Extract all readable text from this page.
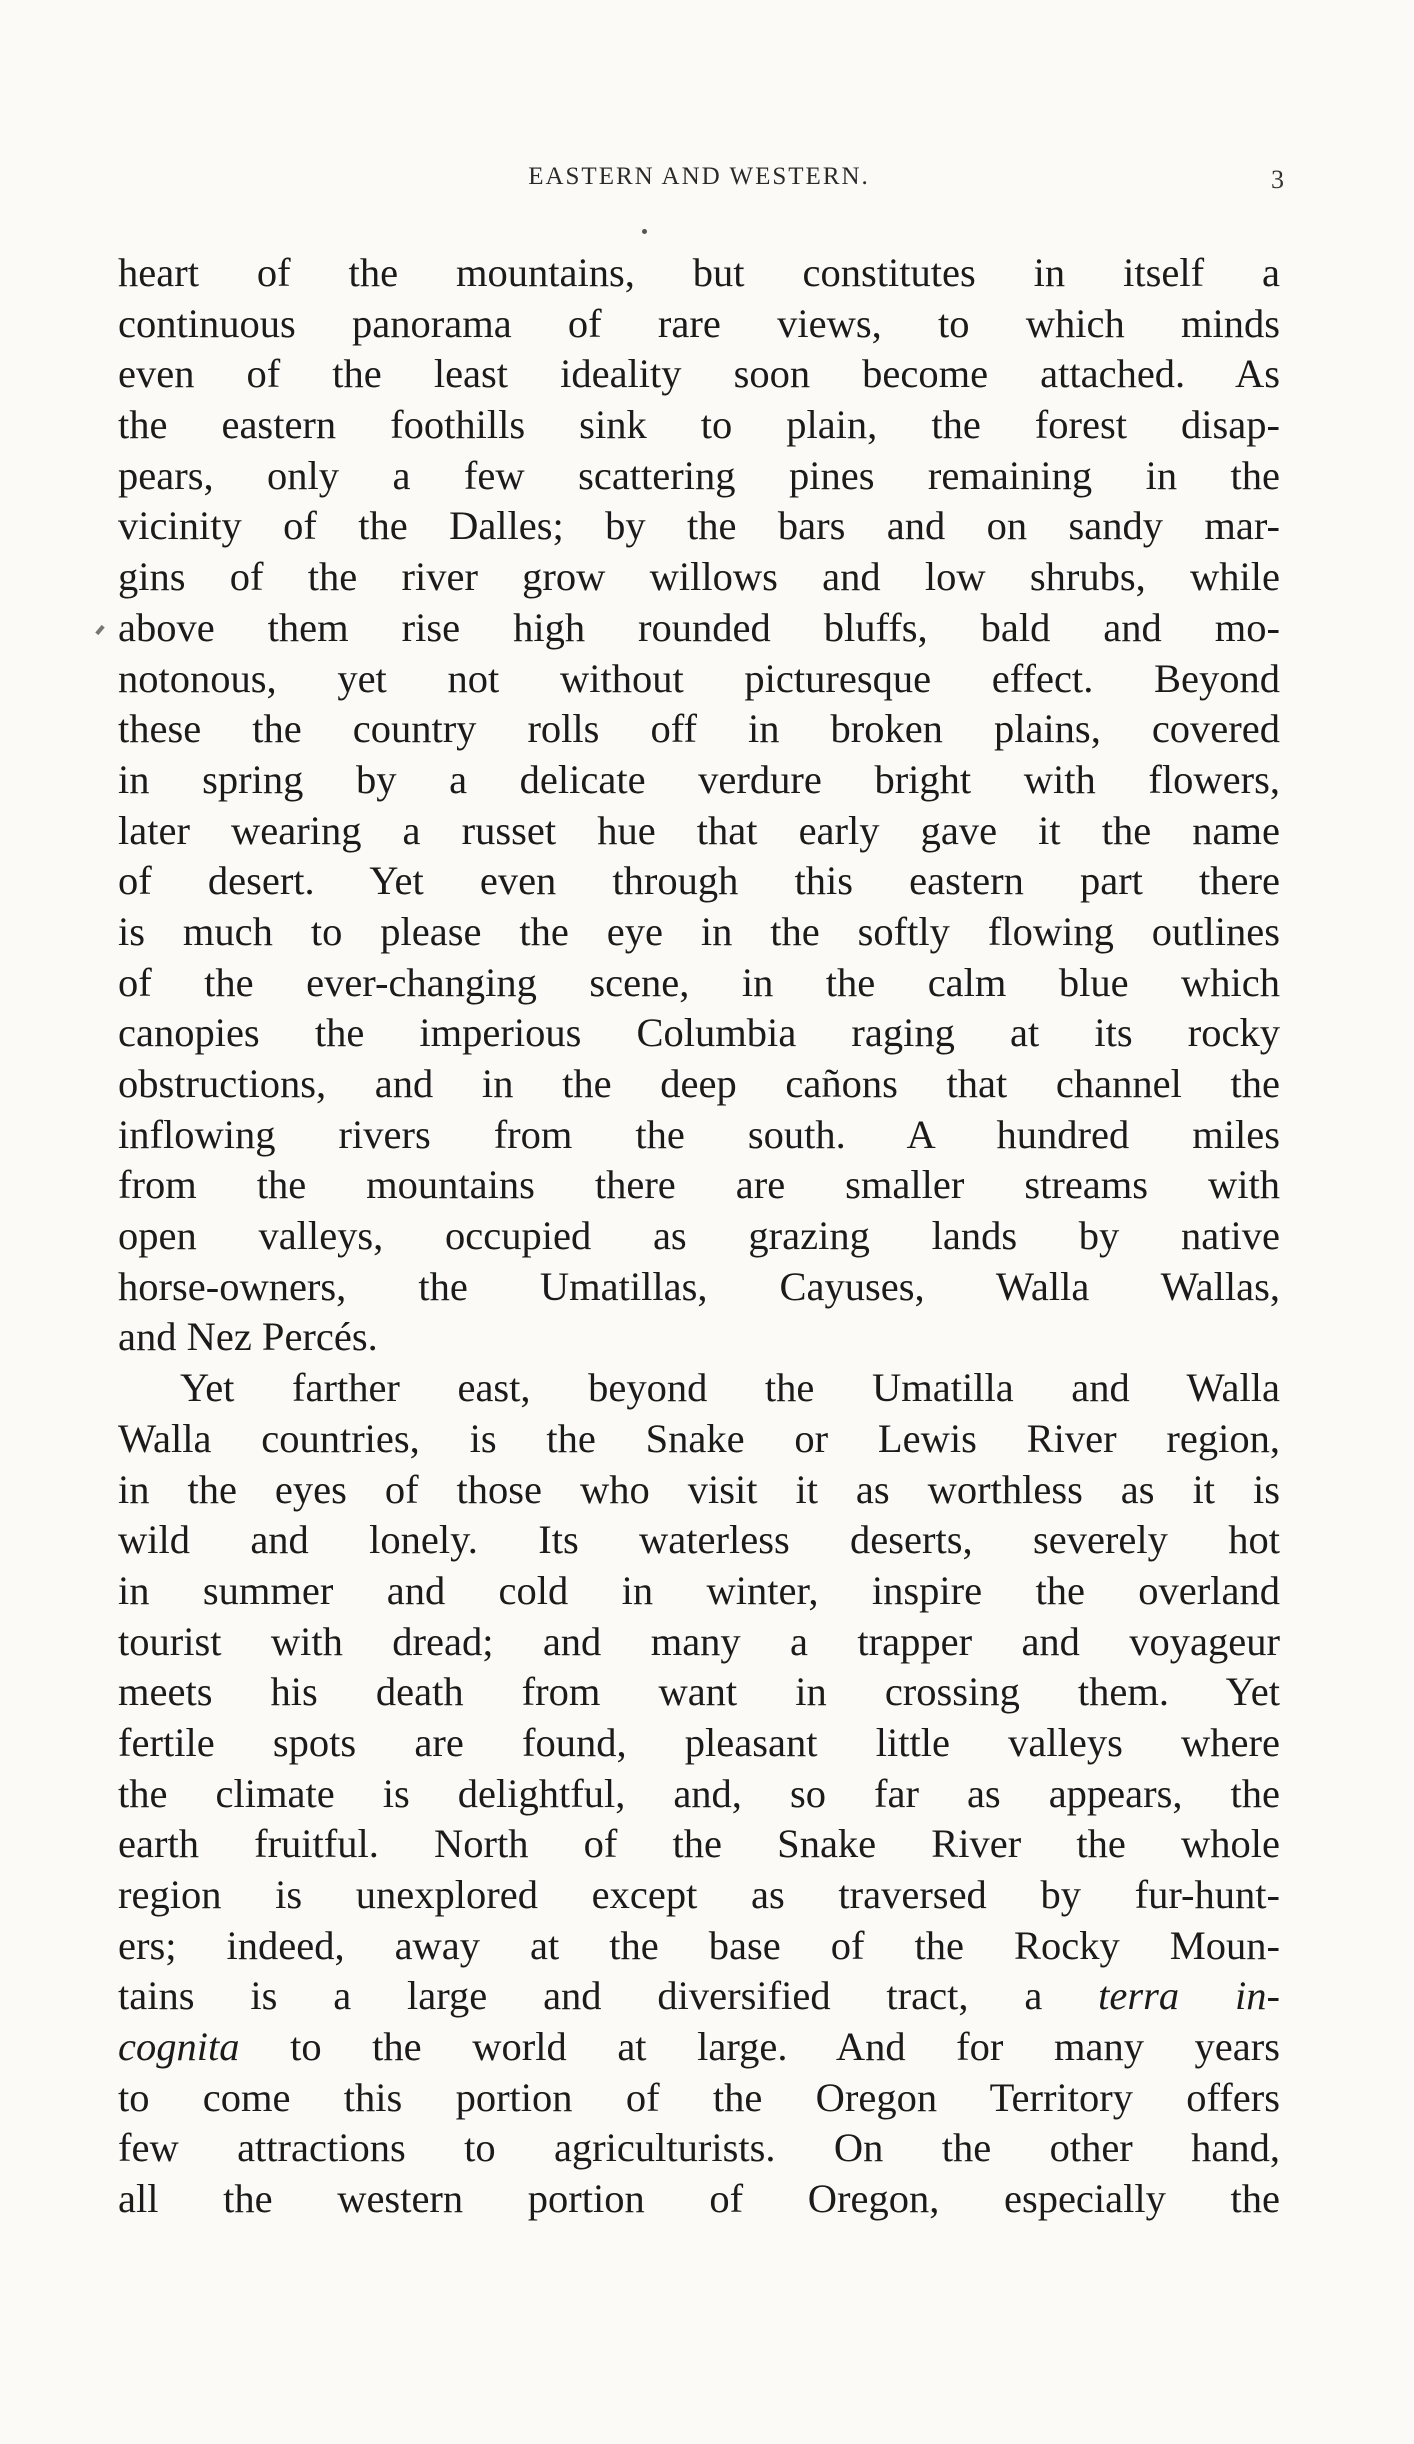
EASTERN AND WESTERN.	3
heart of the mountains, but constitutes in itself a
continuous panorama of rare views, to which minds
even of the least ideality soon become attached. As
the eastern foothills sink to plain, the forest disap-
pears, only a few scattering pines remaining in the
vicinity of the Dalles; by the bars and on sandy mar-
gins of the river grow willows and low shrubs, while
above them rise high rounded bluffs, bald and mo-
notonous, yet not without picturesque effect. Beyond
these the country rolls off in broken plains, covered
in spring by a delicate verdure bright with flowers,
later wearing a russet hue that early gave it the name
of desert. Yet even through this eastern part there
is much to please the eye in the softly flowing outlines
of the ever-changing scene, in the calm blue which
canopies the imperious Columbia raging at its rocky
obstructions, and in the deep cañons that channel the
inflowing rivers from the south. A hundred miles
from the mountains there are smaller streams with
open valleys, occupied as grazing lands by native
horse-owners, the Umatillas, Cayuses, Walla Wallas,
and Nez Percés.
Yet farther east, beyond the Umatilla and Walla
Walla countries, is the Snake or Lewis River region,
in the eyes of those who visit it as worthless as it is
wild and lonely. Its waterless deserts, severely hot
in summer and cold in winter, inspire the overland
tourist with dread; and many a trapper and voyageur
meets his death from want in crossing them. Yet
fertile spots are found, pleasant little valleys where
the climate is delightful, and, so far as appears, the
earth fruitful. North of the Snake River the whole
region is unexplored except as traversed by fur-hunt-
ers; indeed, away at the base of the Rocky Moun-
tains is a large and diversified tract, a terra in-
cognita to the world at large. And for many years
to come this portion of the Oregon Territory offers
few attractions to agriculturists. On the other hand,
all the western portion of Oregon, especially the
